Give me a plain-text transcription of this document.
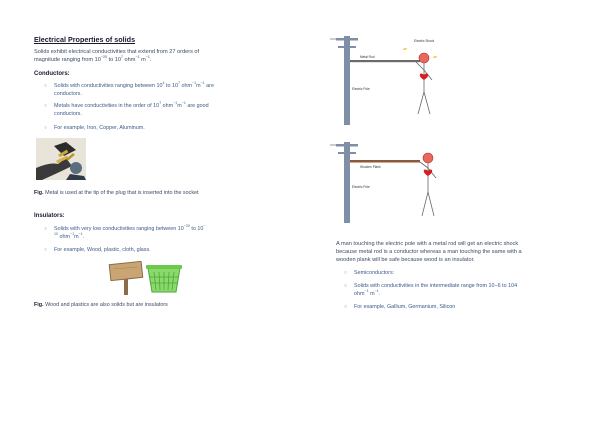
Electrical Properties of solids
Solids exhibit electrical conductivities that extend from 27 orders of
magnitude ranging from $10^{-20}$ to $10^7$ ohm$^{-1}$ $m^{-1}$.
Conductors:
○ Solids with conductivities ranging between $10^4$ to $10^7$ $ohm^{-1}m^{-1}$ are
conductors.
○ Metals have conductivities in the order of $10^7$ $ohm^{-1}m^{-1}$ are good
conductors.
○ For example, Iron, Copper, Aluminum.
Fig. Metal is used at the tip of the plug that is inserted into the socket
Insulators:
○ Solids with very low conductivities ranging between $10^{-20}$ to 10−
$^{10}$ $ohm^{-1}m^{-1}$.
○ For example, Wood, plastic, cloth, glass.
Fig. Wood and plastics are also solids but are insulators
Metal Rod
Electric Pole
Electric Shock
Wooden Plank
Electric Pole
A man touching the electric pole with a metal rod will get an electric shock
because metal rod is a conductor whereas a man touching the same with a
wooden plank will be safe because wood is an insulator.
○ Semiconductors:
○ Solids with conductivities in the intermediate range from 10−6 to 104
ohm$^{-1}$ $m^{-1}$.
○ For example, Gallium, Germanium, Silicon
